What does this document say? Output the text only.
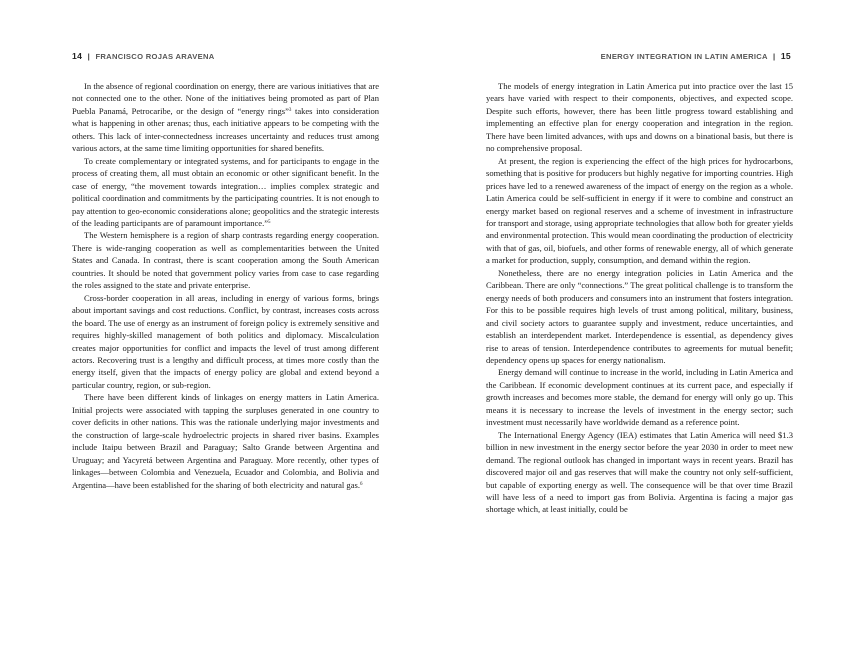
14 | FRANCISCO ROJAS ARAVENA

In the absence of regional coordination on energy, there are various initiatives that are not connected one to the other. None of the initiatives being promoted as part of Plan Puebla Panamá, Petrocaribe, or the design of “energy rings”$^3$ takes into consideration what is happening in other arenas; thus, each initiative appears to be competing with the others. This lack of inter-connectedness increases uncertainty and reduces trust among various actors, at the same time limiting opportunities for shared benefits.

To create complementary or integrated systems, and for participants to engage in the process of creating them, all must obtain an economic or other significant benefit. In the case of energy, “the movement towards integration… implies complex strategic and political coordination and commitments by the participating countries. It is not enough to pay attention to geo-economic considerations alone; geopolitics and the strategic interests of the leading participants are of paramount importance.”$^5$

The Western hemisphere is a region of sharp contrasts regarding energy cooperation. There is wide-ranging cooperation as well as complementarities between the United States and Canada. In contrast, there is scant cooperation among the South American countries. It should be noted that government policy varies from case to case regarding the roles assigned to the state and private enterprise.

Cross-border cooperation in all areas, including in energy of various forms, brings about important savings and cost reductions. Conflict, by contrast, increases costs across the board. The use of energy as an instrument of foreign policy is extremely sensitive and requires highly-skilled management of both politics and diplomacy. Miscalculation creates major opportunities for conflict and impacts the level of trust among different actors. Recovering trust is a lengthy and difficult process, at times more costly than the energy itself, given that the impacts of energy policy are global and extend beyond a particular country, region, or sub-region.

There have been different kinds of linkages on energy matters in Latin America. Initial projects were associated with tapping the surpluses generated in one country to cover deficits in other nations. This was the rationale underlying major investments and the construction of large-scale hydroelectric projects in shared river basins. Examples include Itaipu between Brazil and Paraguay; Salto Grande between Argentina and Uruguay; and Yacyretá between Argentina and Paraguay. More recently, other types of linkages—between Colombia and Venezuela, Ecuador and Colombia, and Bolivia and Argentina—have been established for the sharing of both electricity and natural gas.$^6$

ENERGY INTEGRATION IN LATIN AMERICA | 15

The models of energy integration in Latin America put into practice over the last 15 years have varied with respect to their components, objectives, and expected scope. Despite such efforts, however, there has been little progress toward establishing and implementing an effective plan for energy cooperation and integration in the region. There have been limited advances, with ups and downs on a binational basis, but there is no comprehensive proposal.

At present, the region is experiencing the effect of the high prices for hydrocarbons, something that is positive for producers but highly negative for importing countries. High prices have led to a renewed awareness of the impact of energy on the region as a whole. Latin America could be self-sufficient in energy if it were to combine and construct an energy market based on regional reserves and a scheme of investment in infrastructure for transport and storage, using appropriate technologies that allow both for greater yields and environmental protection. This would mean coordinating the production of electricity with that of gas, oil, biofuels, and other forms of renewable energy, all of which generate a market for production, supply, consumption, and demand within the region.

Nonetheless, there are no energy integration policies in Latin America and the Caribbean. There are only “connections.” The great political challenge is to transform the energy needs of both producers and consumers into an instrument that fosters integration. For this to be possible requires high levels of trust among political, military, business, and civil society actors to guarantee supply and investment, reduce uncertainties, and establish an interdependent market. Interdependence is essential, as dependency gives rise to areas of tension. Interdependence contributes to agreements for mutual benefit; dependency opens up spaces for energy nationalism.

Energy demand will continue to increase in the world, including in Latin America and the Caribbean. If economic development continues at its current pace, and especially if growth increases and becomes more stable, the demand for energy will only go up. This means it is necessary to increase the levels of investment in the energy sector; such investment must necessarily have worldwide demand as a reference point.

The International Energy Agency (IEA) estimates that Latin America will need $1.3 billion in new investment in the energy sector before the year 2030 in order to meet new demand. The regional outlook has changed in important ways in recent years. Brazil has discovered major oil and gas reserves that will make the country not only self-sufficient, but capable of exporting energy as well. The consequence will be that over time Brazil will have less of a need to import gas from Bolivia. Argentina is facing a major gas shortage which, at least initially, could be
